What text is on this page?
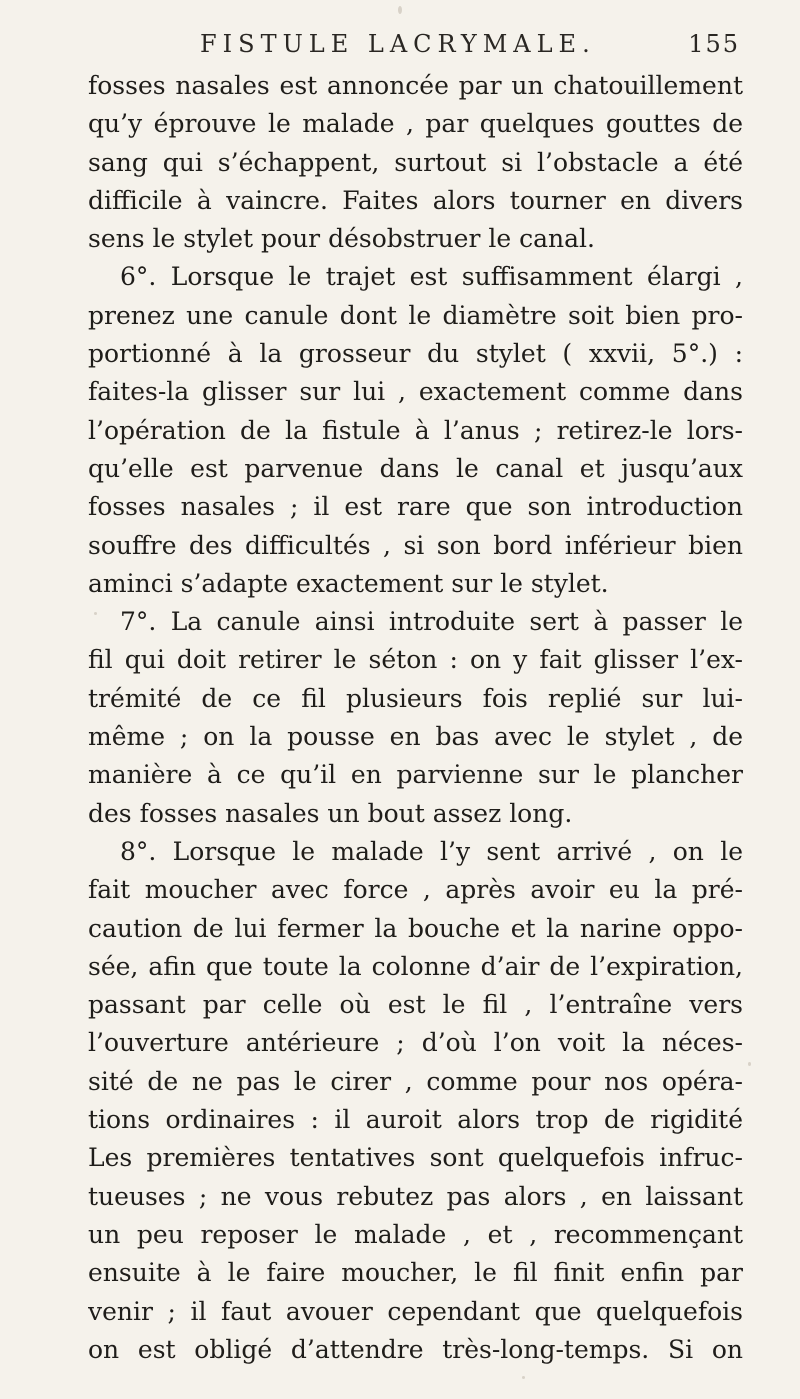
FISTULE LACRYMALE.	155
fosses nasales est annoncée par un chatouillement
qu’y éprouve le malade , par quelques gouttes de
sang qui s’échappent, surtout si l’obstacle a été
difficile à vaincre. Faites alors tourner en divers
sens le stylet pour désobstruer le canal.
6°. Lorsque le trajet est suffisamment élargi ,
prenez une canule dont le diamètre soit bien pro-
portionné à la grosseur du stylet ( xxvii, 5°.) :
faites-la glisser sur lui , exactement comme dans
l’opération de la fistule à l’anus ; retirez-le lors-
qu’elle est parvenue dans le canal et jusqu’aux
fosses nasales ; il est rare que son introduction
souffre des difficultés , si son bord inférieur bien
aminci s’adapte exactement sur le stylet.
7°. La canule ainsi introduite sert à passer le
fil qui doit retirer le séton : on y fait glisser l’ex-
trémité de ce fil plusieurs fois replié sur lui-
même ; on la pousse en bas avec le stylet , de
manière à ce qu’il en parvienne sur le plancher
des fosses nasales un bout assez long.
8°. Lorsque le malade l’y sent arrivé , on le
fait moucher avec force , après avoir eu la pré-
caution de lui fermer la bouche et la narine oppo-
sée, afin que toute la colonne d’air de l’expiration,
passant par celle où est le fil , l’entraîne vers
l’ouverture antérieure ; d’où l’on voit la néces-
sité de ne pas le cirer , comme pour nos opéra-
tions ordinaires : il auroit alors trop de rigidité
Les premières tentatives sont quelquefois infruc-
tueuses ; ne vous rebutez pas alors , en laissant
un peu reposer le malade , et , recommençant
ensuite à le faire moucher, le fil finit enfin par
venir ; il faut avouer cependant que quelquefois
on est obligé d’attendre très-long-temps. Si on
